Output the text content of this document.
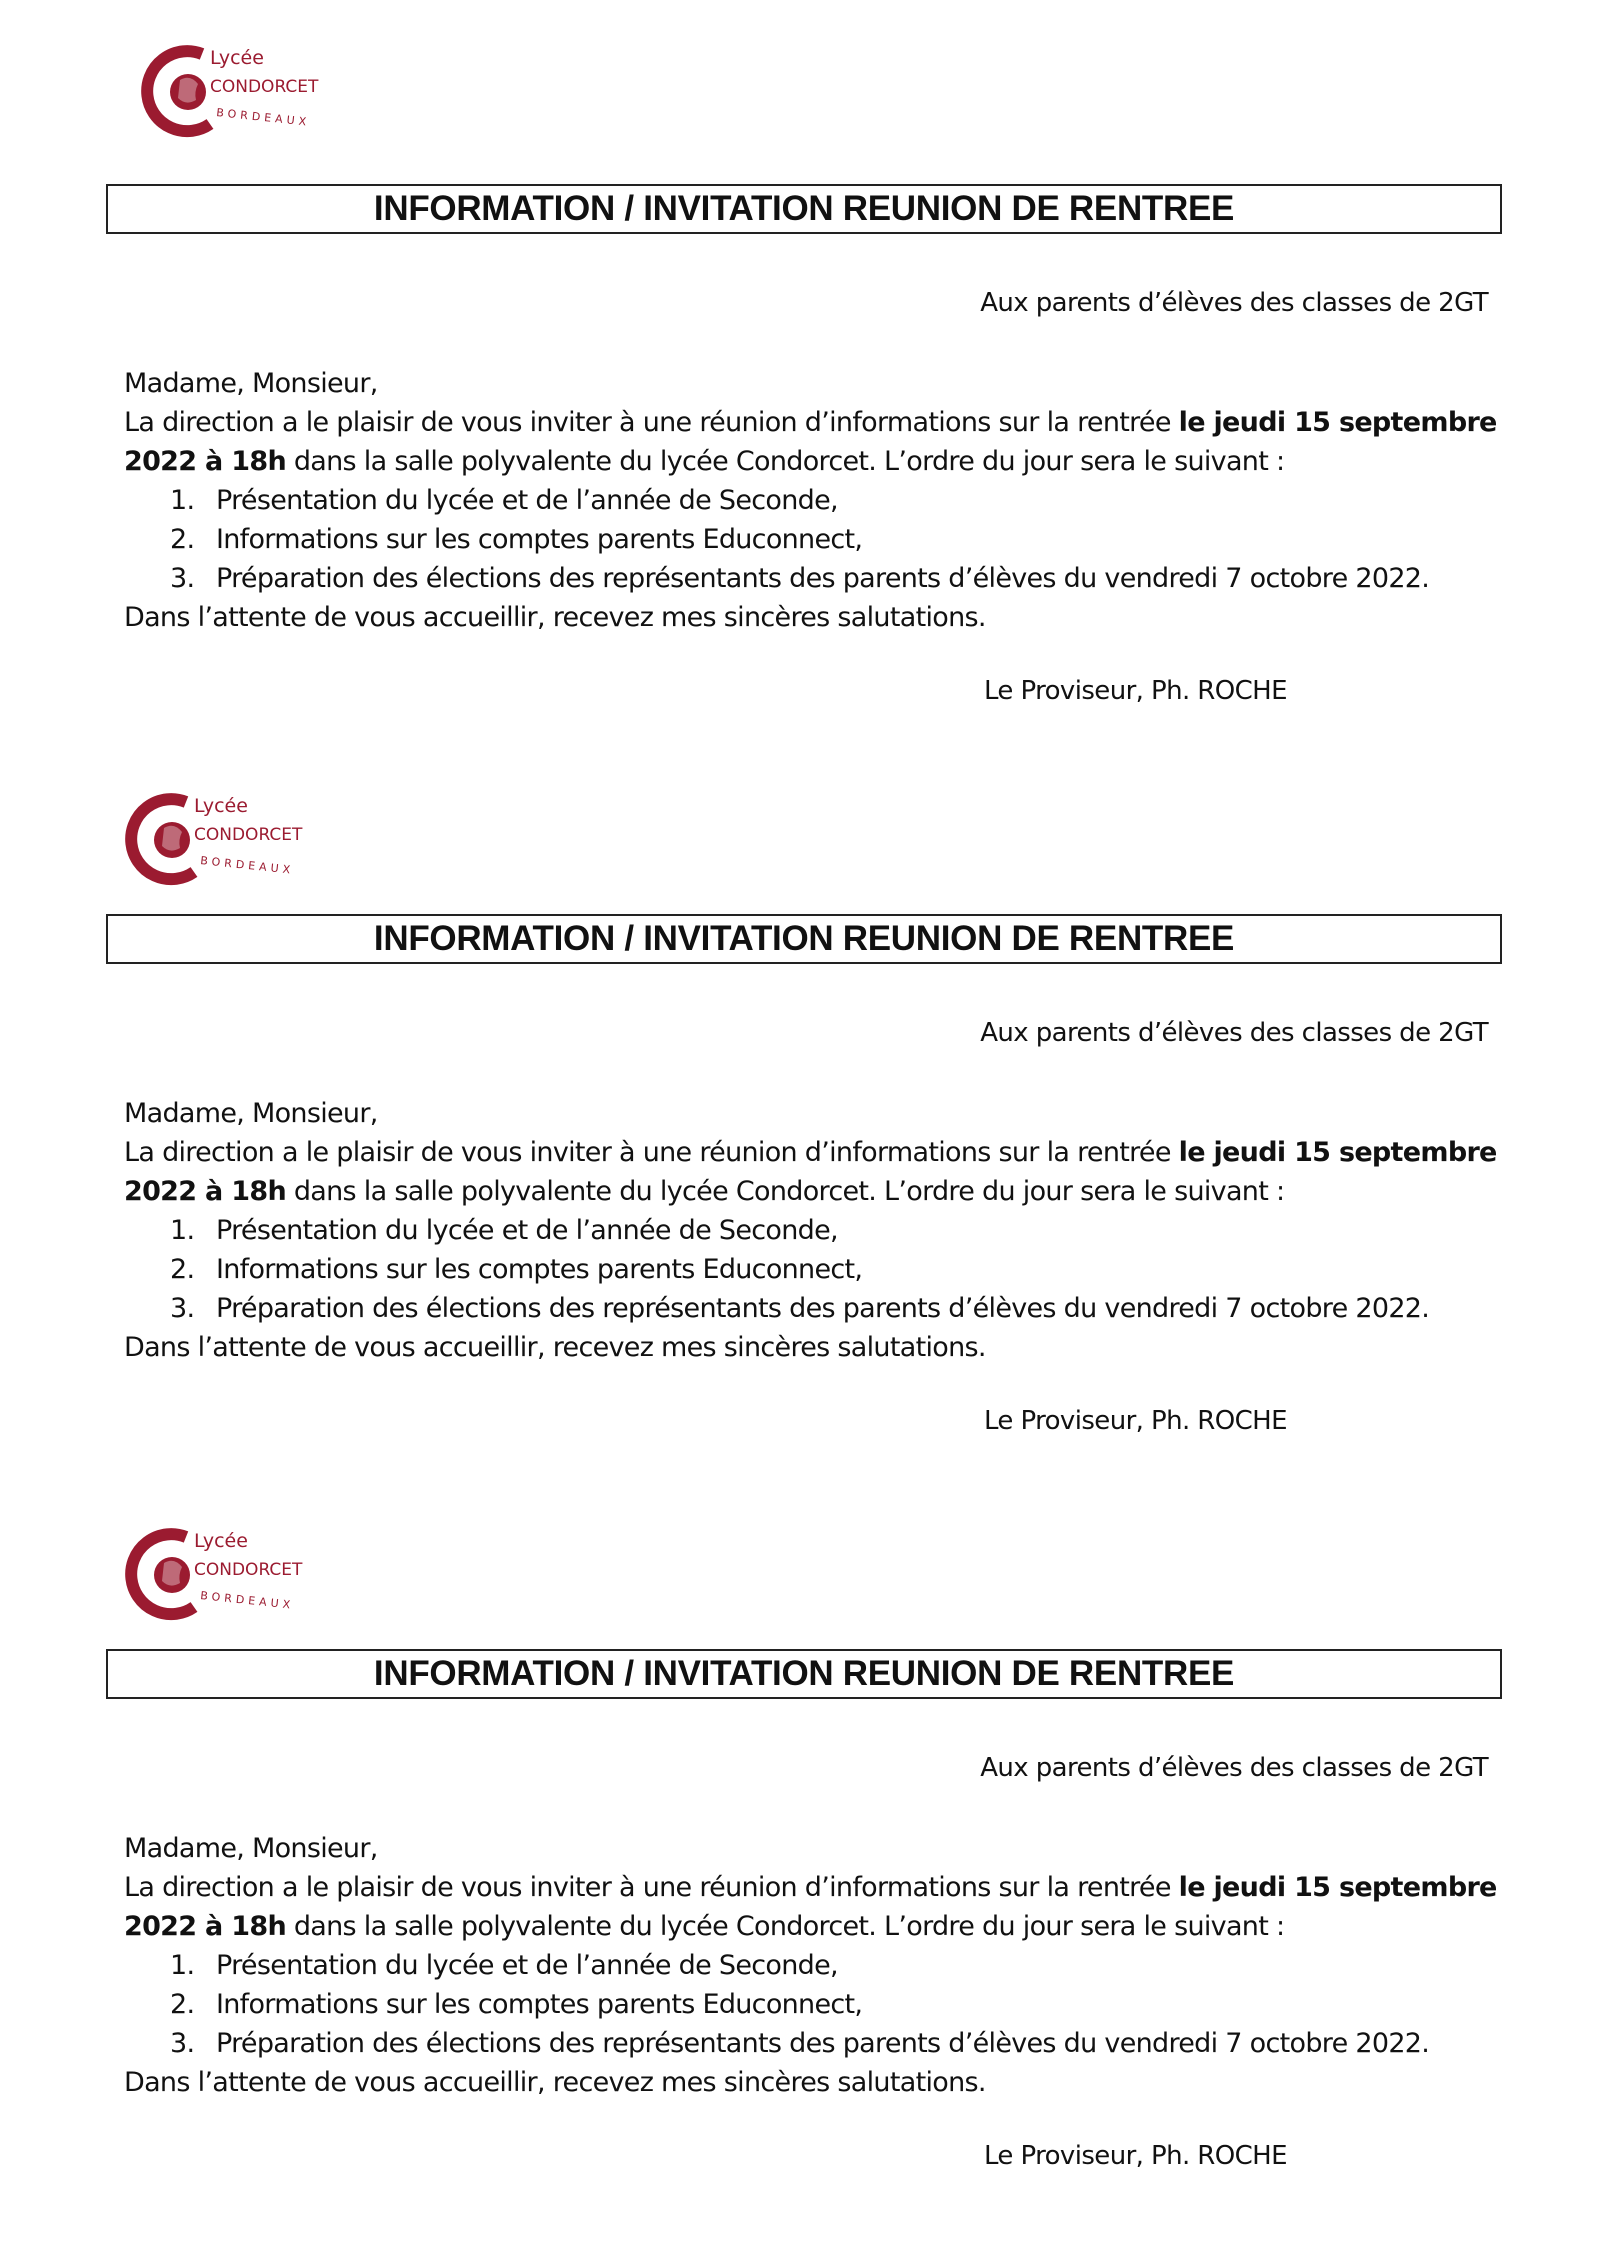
Lycée
CONDORCET
BORDEAUX
INFORMATION / INVITATION REUNION DE RENTREE
Aux parents d’élèves des classes de 2GT

Madame, Monsieur,

La direction a le plaisir de vous inviter à une réunion d’informations sur la rentrée le jeudi 15 septembre
2022 à 18h dans la salle polyvalente du lycée Condorcet. L’ordre du jour sera le suivant :

1. Présentation du lycée et de l’année de Seconde,
2. Informations sur les comptes parents Educonnect,
3. Préparation des élections des représentants des parents d’élèves du vendredi 7 octobre 2022.

Dans l’attente de vous accueillir, recevez mes sincères salutations.

Le Proviseur, Ph. ROCHE
Lycée
CONDORCET
BORDEAUX
INFORMATION / INVITATION REUNION DE RENTREE
Aux parents d’élèves des classes de 2GT

Madame, Monsieur,

La direction a le plaisir de vous inviter à une réunion d’informations sur la rentrée le jeudi 15 septembre
2022 à 18h dans la salle polyvalente du lycée Condorcet. L’ordre du jour sera le suivant :

1. Présentation du lycée et de l’année de Seconde,
2. Informations sur les comptes parents Educonnect,
3. Préparation des élections des représentants des parents d’élèves du vendredi 7 octobre 2022.

Dans l’attente de vous accueillir, recevez mes sincères salutations.

Le Proviseur, Ph. ROCHE
Lycée
CONDORCET
BORDEAUX
INFORMATION / INVITATION REUNION DE RENTREE
Aux parents d’élèves des classes de 2GT

Madame, Monsieur,

La direction a le plaisir de vous inviter à une réunion d’informations sur la rentrée le jeudi 15 septembre
2022 à 18h dans la salle polyvalente du lycée Condorcet. L’ordre du jour sera le suivant :

1. Présentation du lycée et de l’année de Seconde,
2. Informations sur les comptes parents Educonnect,
3. Préparation des élections des représentants des parents d’élèves du vendredi 7 octobre 2022.

Dans l’attente de vous accueillir, recevez mes sincères salutations.

Le Proviseur, Ph. ROCHE
